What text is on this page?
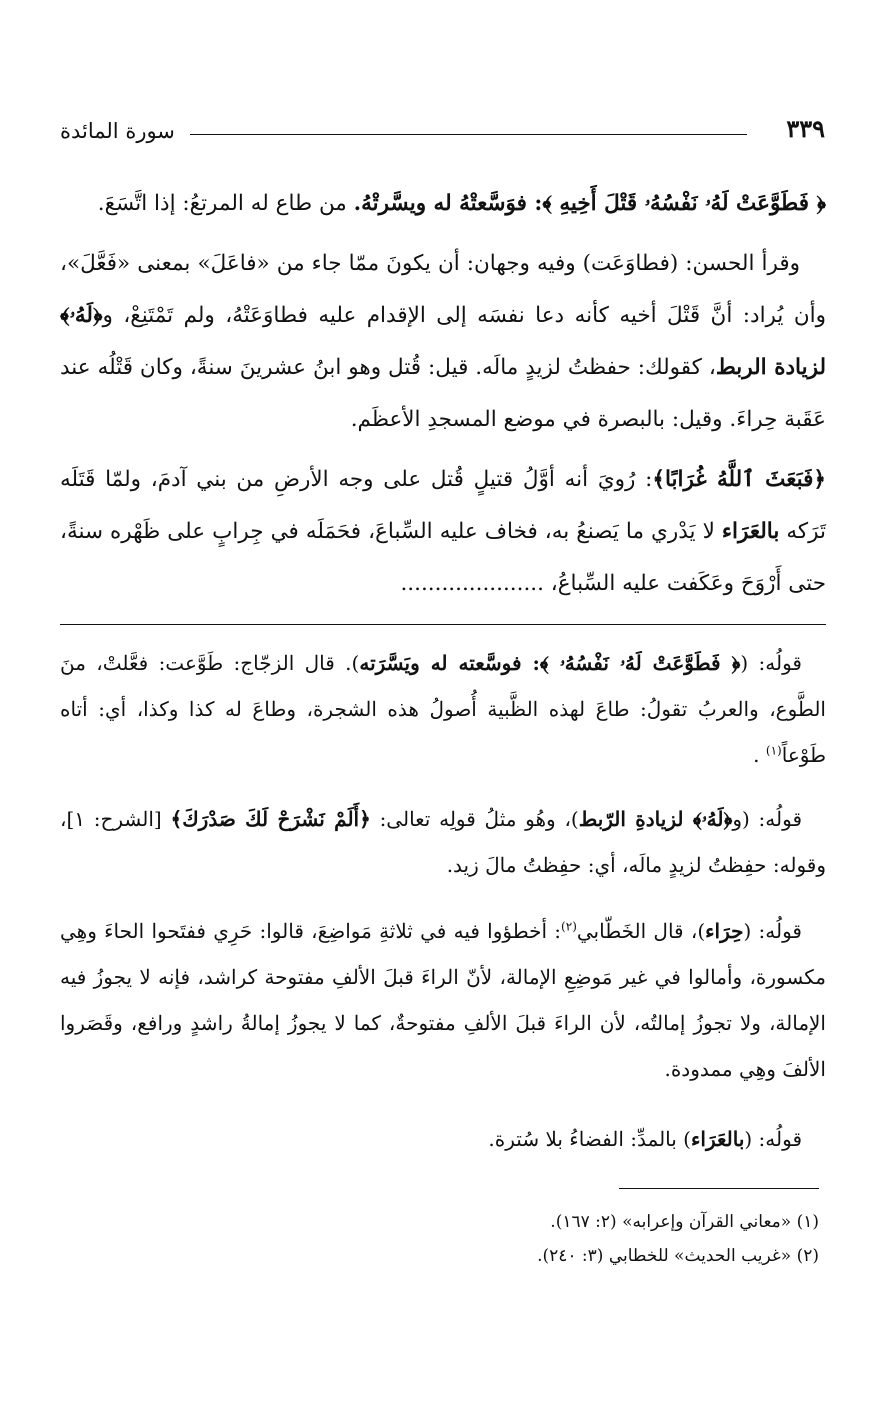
٣٣٩
سورة المائدة

﴿ فَطَوَّعَتْ لَهُۥ نَفْسُهُۥ قَتْلَ أَخِيهِ ﴾: فوَسَّعتْهُ له ويسَّرتْهُ. من طاع له المرتعُ: إذا اتَّسَعَ.

وقرأ الحسن: (فطاوَعَت) وفيه وجهان: أن يكونَ ممّا جاء من «فاعَلَ» بمعنى «فَعَّلَ»، وأن يُراد: أنَّ قَتْلَ أخيه كأنه دعا نفسَه إلى الإقدام عليه فطاوَعَتْهُ، ولم تَمْتَنِعْ، و﴿لَهُۥ﴾ لزيادة الربط، كقولك: حفظتُ لزيدٍ مالَه. قيل: قُتل وهو ابنُ عشرينَ سنةً، وكان قَتْلُه عند عَقَبة حِراءَ. وقيل: بالبصرة في موضع المسجدِ الأعظَم.

﴿فَبَعَثَ ٱللَّهُ غُرَابًا﴾: رُويَ أنه أوَّلُ قتيلٍ قُتل على وجه الأرضِ من بني آدمَ، ولمّا قَتَلَه تَرَكه بالعَرَاء لا يَدْري ما يَصنعُ به، فخاف عليه السِّباعَ، فحَمَلَه في جِرابٍ على ظَهْره سنةً، حتى أَرْوَحَ وعَكَفت عليه السِّباعُ، .....................

قولُه: (﴿ فَطَوَّعَتْ لَهُۥ نَفْسُهُۥ ﴾: فوسَّعته له ويَسَّرَته). قال الزجّاج: طَوَّعت: فعَّلتْ، منَ الطَّوع، والعربُ تقولُ: طاعَ لهذه الظَّبية أُصولُ هذه الشجرة، وطاعَ له كذا وكذا، أي: أتاه طَوْعاً$^{(١)}$ .

قولُه: (و﴿لَهُۥ﴾ لزيادةِ الرّبط)، وهُو مثلُ قولِه تعالى: ﴿أَلَمْ نَشْرَحْ لَكَ صَدْرَكَ﴾ [الشرح: ١]، وقوله: حفِظتُ لزيدٍ مالَه، أي: حفِظتُ مالَ زيد.

قولُه: (حِرَاء)، قال الخَطّابي$^{(٢)}$: أخطؤوا فيه في ثلاثةِ مَواضِعَ، قالوا: حَرِي ففتَحوا الحاءَ وهِي مكسورة، وأمالوا في غير مَوضِعِ الإمالة، لأنّ الراءَ قبلَ الألفِ مفتوحة كراشد، فإنه لا يجوزُ فيه الإمالة، ولا تجوزُ إمالتُه، لأن الراءَ قبلَ الألفِ مفتوحةٌ، كما لا يجوزُ إمالةُ راشدٍ ورافع، وقَصَروا الألفَ وهِي ممدودة.

قولُه: (بالعَرَاء) بالمدِّ: الفضاءُ بلا سُترة.

(١) «معاني القرآن وإعرابه» (٢: ١٦٧).

(٢) «غريب الحديث» للخطابي (٣: ٢٤٠).
